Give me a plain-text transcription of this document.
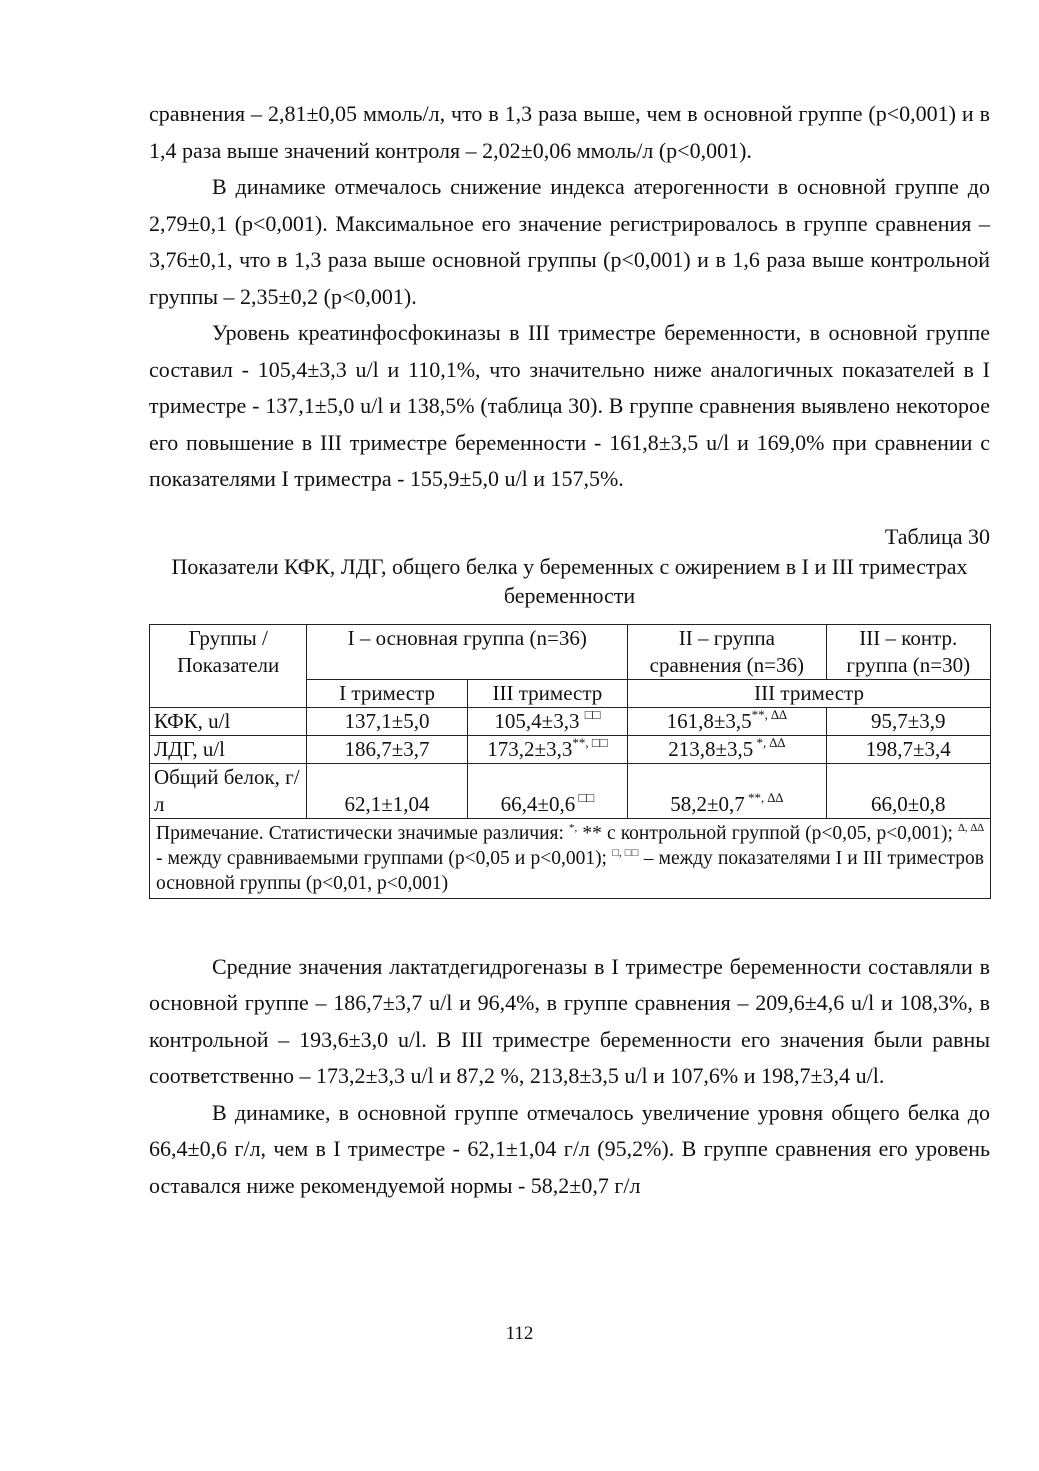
сравнения – 2,81±0,05 ммоль/л, что в 1,3 раза выше, чем в основной группе (р<0,001) и в 1,4 раза выше значений контроля – 2,02±0,06 ммоль/л (р<0,001).

В динамике отмечалось снижение индекса атерогенности в основной группе до 2,79±0,1 (р<0,001). Максимальное его значение регистрировалось в группе сравнения – 3,76±0,1, что в 1,3 раза выше основной группы (р<0,001) и в 1,6 раза выше контрольной группы – 2,35±0,2 (р<0,001).

Уровень креатинфосфокиназы в III триместре беременности, в основной группе составил - 105,4±3,3 u/l и 110,1%, что значительно ниже аналогичных показателей в I триместре - 137,1±5,0 u/l и 138,5% (таблица 30). В группе сравнения выявлено некоторое его повышение в III триместре беременности - 161,8±3,5 u/l и 169,0% при сравнении с показателями I триместра - 155,9±5,0 u/l и 157,5%.

Таблица 30
Показатели КФК, ЛДГ, общего белка у беременных с ожирением в I и III триместрах беременности
Группы / Показатели	I – основная группа (n=36)		II – группа сравнения (n=36)	III – контр. группа (n=30)
	I триместр	III триместр	III триместр	
КФК, u/l	137,1±5,0	105,4±3,3 □□	161,8±3,5**, ∆∆	95,7±3,9
ЛДГ, u/l	186,7±3,7	173,2±3,3**, □□	213,8±3,5 *, ∆∆	198,7±3,4
Общий белок, г/л	62,1±1,04	66,4±0,6 □□	58,2±0,7 **, ∆∆	66,0±0,8
Примечание. Статистически значимые различия: *, ** с контрольной группой (р<0,05, р<0,001); ∆, ∆∆ - между сравниваемыми группами (р<0,05 и р<0,001); □, □□ – между показателями I и III триместров основной группы (р<0,01, р<0,001)				

Средние значения лактатдегидрогеназы в I триместре беременности составляли в основной группе – 186,7±3,7 u/l и 96,4%, в группе сравнения – 209,6±4,6 u/l и 108,3%, в контрольной – 193,6±3,0 u/l. В III триместре беременности его значения были равны соответственно – 173,2±3,3 u/l и 87,2 %, 213,8±3,5 u/l и 107,6% и 198,7±3,4 u/l.

В динамике, в основной группе отмечалось увеличение уровня общего белка до 66,4±0,6 г/л, чем в I триместре - 62,1±1,04 г/л (95,2%). В группе сравнения его уровень оставался ниже рекомендуемой нормы - 58,2±0,7 г/л

112
